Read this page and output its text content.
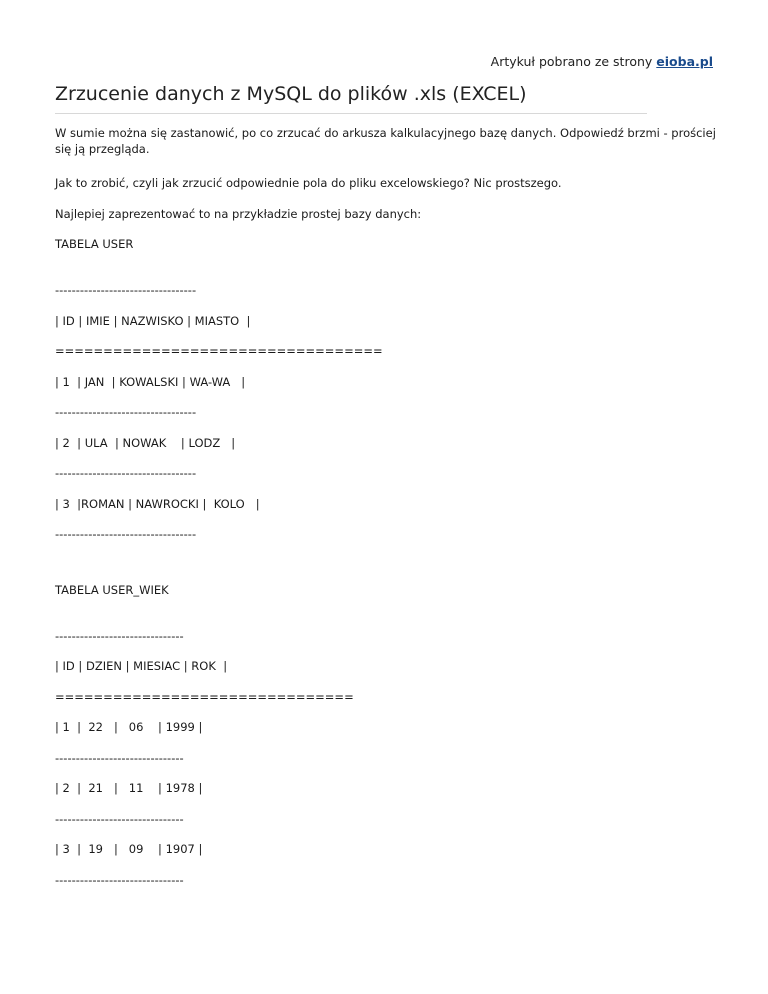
Artykuł pobrano ze strony eioba.pl
Zrzucenie danych z MySQL do plików .xls (EXCEL)

W sumie można się zastanowić, po co zrzucać do arkusza kalkulacyjnego bazę danych. Odpowiedź brzmi - prościej się ją przegląda.

Jak to zrobić, czyli jak zrzucić odpowiednie pola do pliku excelowskiego? Nic prostszego.

Najlepiej zaprezentować to na przykładzie prostej bazy danych:

TABELA USER

----------------------------------

| ID | IMIE | NAZWISKO | MIASTO  |

==================================

| 1  | JAN  | KOWALSKI | WA-WA   |

----------------------------------

| 2  | ULA  | NOWAK    | LODZ   |

----------------------------------

| 3  |ROMAN | NAWROCKI |  KOLO   |

----------------------------------

TABELA USER_WIEK

-------------------------------

| ID | DZIEN | MIESIAC | ROK  |

===============================

| 1  |  22   |   06    | 1999 |

-------------------------------

| 2  |  21   |   11    | 1978 |

-------------------------------

| 3  |  19   |   09    | 1907 |

-------------------------------
